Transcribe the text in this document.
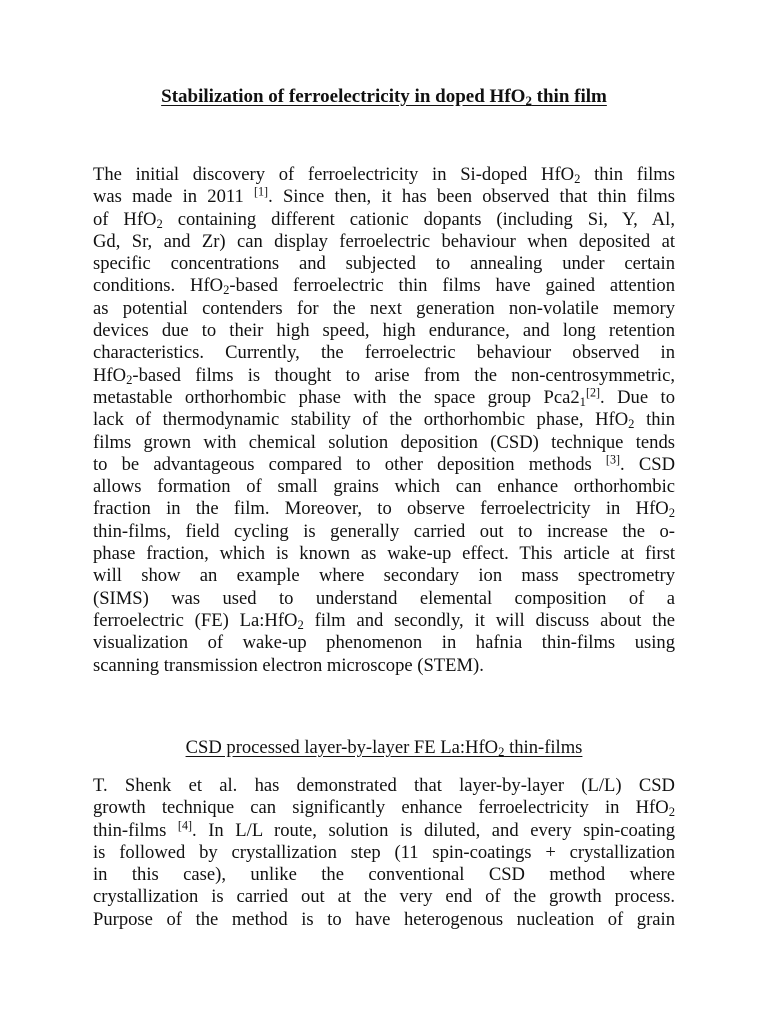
Stabilization of ferroelectricity in doped HfO$_2$ thin film
The initial discovery of ferroelectricity in Si-doped HfO$_2$ thin films
was made in 2011 [1]. Since then, it has been observed that thin films
of HfO$_2$ containing different cationic dopants (including Si, Y, Al,
Gd, Sr, and Zr) can display ferroelectric behaviour when deposited at
specific concentrations and subjected to annealing under certain
conditions. HfO$_2$-based ferroelectric thin films have gained attention
as potential contenders for the next generation non-volatile memory
devices due to their high speed, high endurance, and long retention
characteristics. Currently, the ferroelectric behaviour observed in
HfO$_2$-based films is thought to arise from the non-centrosymmetric,
metastable orthorhombic phase with the space group $Pca2_1[2]$. Due to
lack of thermodynamic stability of the orthorhombic phase, HfO$_2$ thin
films grown with chemical solution deposition (CSD) technique tends
to be advantageous compared to other deposition methods [3]. CSD
allows formation of small grains which can enhance orthorhombic
fraction in the film. Moreover, to observe ferroelectricity in HfO$_2$
thin-films, field cycling is generally carried out to increase the o-
phase fraction, which is known as wake-up effect. This article at first
will show an example where secondary ion mass spectrometry
(SIMS) was used to understand elemental composition of a
ferroelectric (FE) La:HfO$_2$ film and secondly, it will discuss about the
visualization of wake-up phenomenon in hafnia thin-films using
scanning transmission electron microscope (STEM).
CSD processed layer-by-layer FE La:HfO$_2$ thin-films
T. Shenk et al. has demonstrated that layer-by-layer (L/L) CSD
growth technique can significantly enhance ferroelectricity in HfO$_2$
thin-films [4]. In L/L route, solution is diluted, and every spin-coating
is followed by crystallization step (11 spin-coatings + crystallization
in this case), unlike the conventional CSD method where
crystallization is carried out at the very end of the growth process.
Purpose of the method is to have heterogenous nucleation of grain
